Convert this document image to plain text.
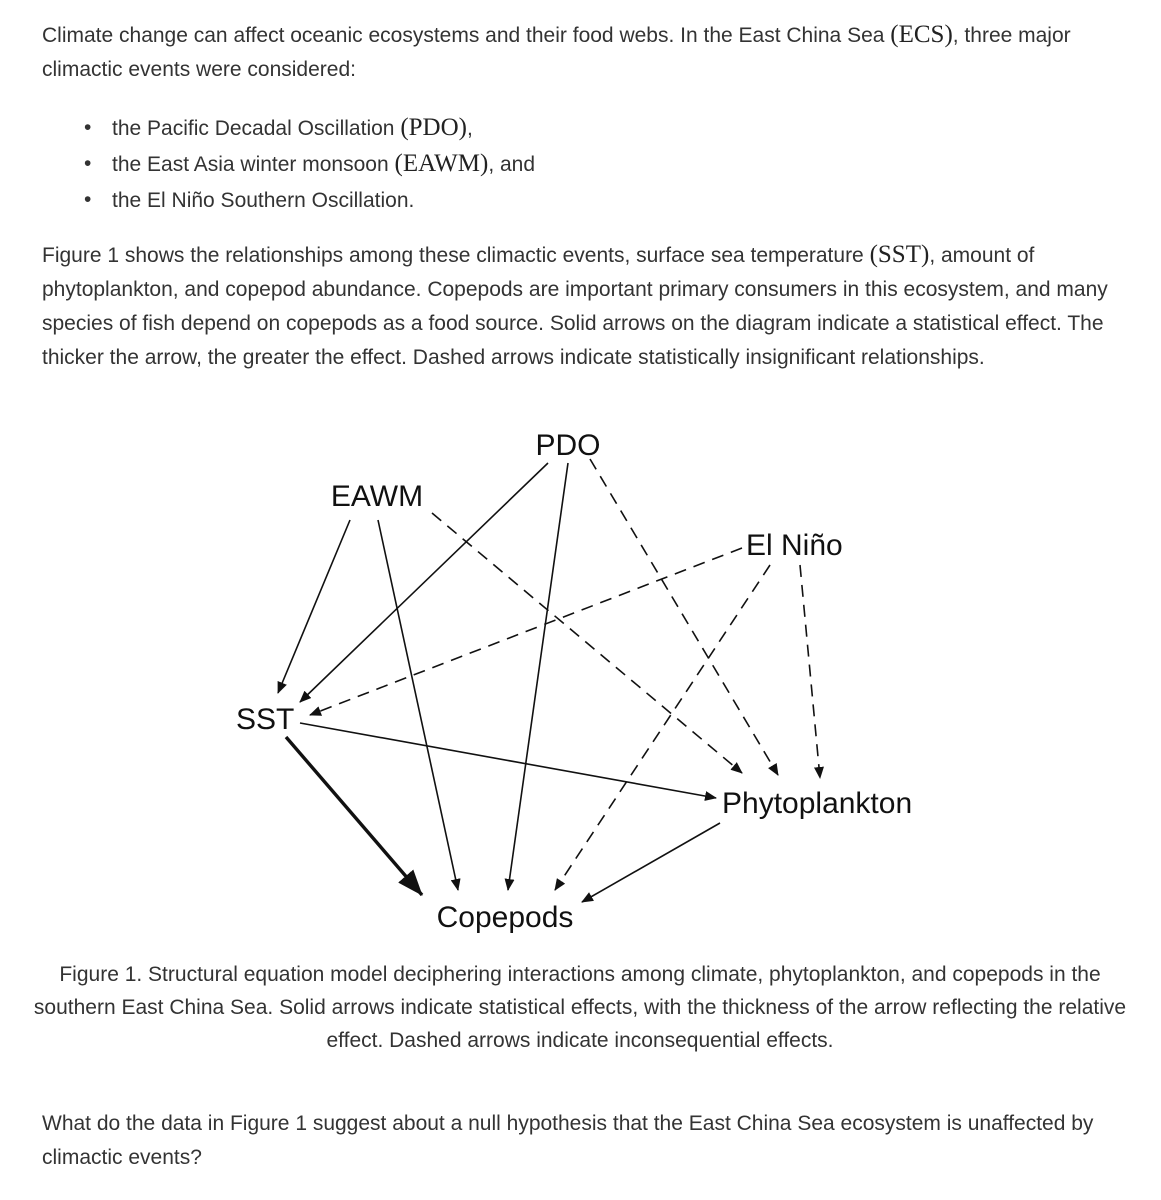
Climate change can affect oceanic ecosystems and their food webs. In the East China Sea (ECS), three major climactic events were considered:

• the Pacific Decadal Oscillation (PDO),
• the East Asia winter monsoon (EAWM), and
• the El Niño Southern Oscillation.

Figure 1 shows the relationships among these climactic events, surface sea temperature (SST), amount of phytoplankton, and copepod abundance. Copepods are important primary consumers in this ecosystem, and many species of fish depend on copepods as a food source. Solid arrows on the diagram indicate a statistical effect. The thicker the arrow, the greater the effect. Dashed arrows indicate statistically insignificant relationships.

PDO
EAWM
El Niño
SST
Phytoplankton
Copepods

Figure 1. Structural equation model deciphering interactions among climate, phytoplankton, and copepods in the southern East China Sea. Solid arrows indicate statistical effects, with the thickness of the arrow reflecting the relative effect. Dashed arrows indicate inconsequential effects.

What do the data in Figure 1 suggest about a null hypothesis that the East China Sea ecosystem is unaffected by climactic events?
